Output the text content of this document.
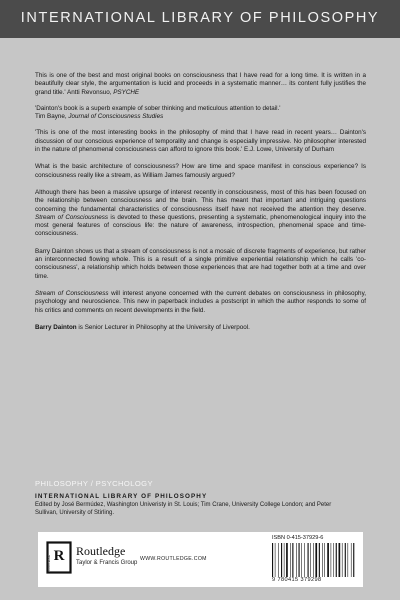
INTERNATIONAL LIBRARY OF PHILOSOPHY

This is one of the best and most original books on consciousness that I have read for a long time. It is written in a beautifully clear style, the argumentation is lucid and proceeds in a systematic manner… its content fully justifies the grand title.' Antti Revonsuo, PSYCHE

'Dainton's book is a superb example of sober thinking and meticulous attention to detail.'
Tim Bayne, Journal of Consciousness Studies

'This is one of the most interesting books in the philosophy of mind that I have read in recent years… Dainton's discussion of our conscious experience of temporality and change is especially impressive. No philosopher interested in the nature of phenomenal consciousness can afford to ignore this book.' E.J. Lowe, University of Durham

What is the basic architecture of consciousness? How are time and space manifest in conscious experience? Is consciousness really like a stream, as William James famously argued?

Although there has been a massive upsurge of interest recently in consciousness, most of this has been focused on the relationship between consciousness and the brain. This has meant that important and intriguing questions concerning the fundamental characteristics of consciousness itself have not received the attention they deserve. Stream of Consciousness is devoted to these questions, presenting a systematic, phenomenological inquiry into the most general features of conscious life: the nature of awareness, introspection, phenomenal space and time-consciousness.

Barry Dainton shows us that a stream of consciousness is not a mosaic of discrete fragments of experience, but rather an interconnected flowing whole. This is a result of a single primitive experiential relationship which he calls 'co-consciousness', a relationship which holds between those experiences that are had together both at a time and over time.

Stream of Consciousness will interest anyone concerned with the current debates on consciousness in philosophy, psychology and neuroscience. This new in paperback includes a postscript in which the author responds to some of his critics and comments on recent developments in the field.

Barry Dainton is Senior Lecturer in Philosophy at the University of Liverpool.

PHILOSOPHY / PSYCHOLOGY
INTERNATIONAL LIBRARY OF PHILOSOPHY
Edited by José Bermúdez, Washington Univeristy in St. Louis; Tim Crane, University College London; and Peter Sullivan, University of Stirling.
R
ROUTLEDGE
Routledge
Taylor & Francis Group
WWW.ROUTLEDGE.COM
ISBN 0-415-37929-6
9 780415 379298
